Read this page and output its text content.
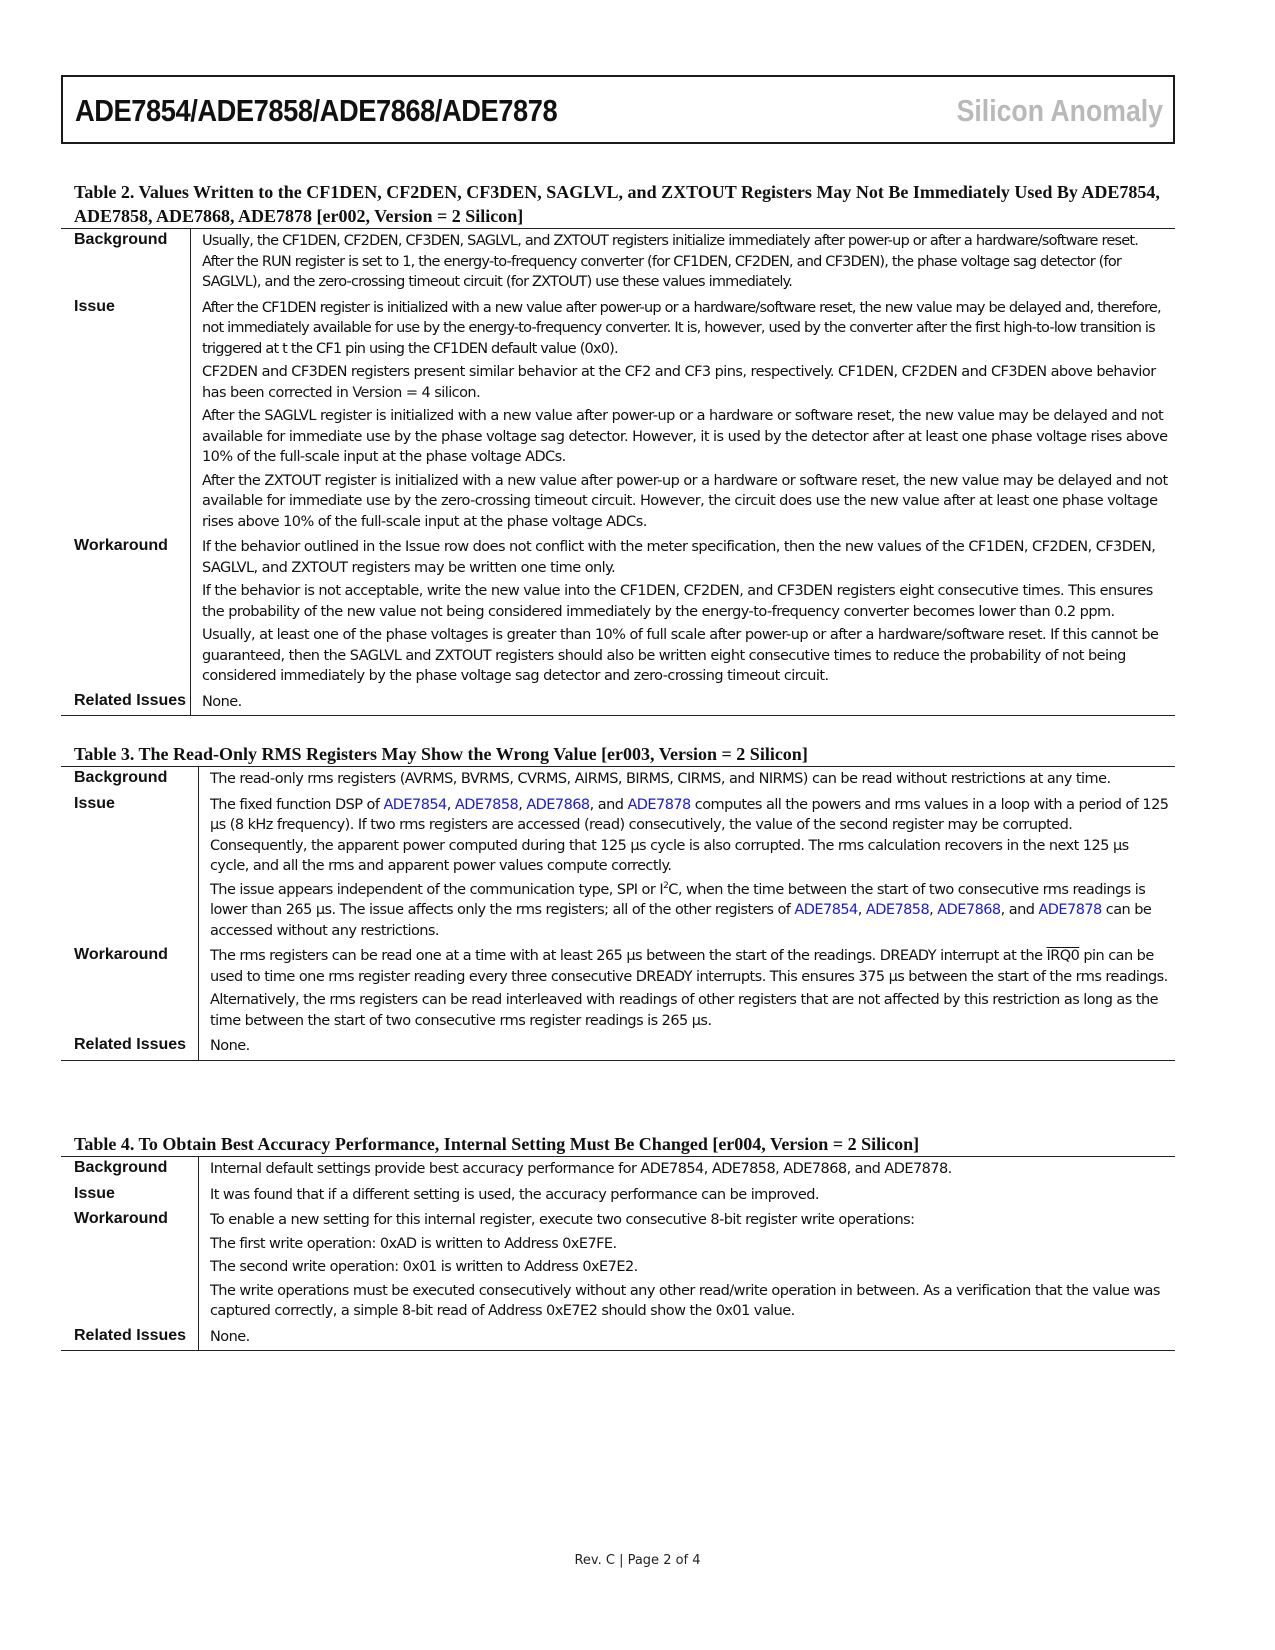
ADE7854/ADE7858/ADE7868/ADE7878	Silicon Anomaly
Table 2. Values Written to the CF1DEN, CF2DEN, CF3DEN, SAGLVL, and ZXTOUT Registers May Not Be Immediately Used By ADE7854, ADE7858, ADE7868, ADE7878 [er002, Version = 2 Silicon]
Background	Usually, the CF1DEN, CF2DEN, CF3DEN, SAGLVL, and ZXTOUT registers initialize immediately after power-up or after a hardware/software reset. After the RUN register is set to 1, the energy-to-frequency converter (for CF1DEN, CF2DEN, and CF3DEN), the phase voltage sag detector (for SAGLVL), and the zero-crossing timeout circuit (for ZXTOUT) use these values immediately.

Issue	After the CF1DEN register is initialized with a new value after power-up or a hardware/software reset, the new value may be delayed and, therefore, not immediately available for use by the energy-to-frequency converter. It is, however, used by the converter after the first high-to-low transition is triggered at t the CF1 pin using the CF1DEN default value (0x0).

CF2DEN and CF3DEN registers present similar behavior at the CF2 and CF3 pins, respectively. CF1DEN, CF2DEN and CF3DEN above behavior has been corrected in Version = 4 silicon.

After the SAGLVL register is initialized with a new value after power-up or a hardware or software reset, the new value may be delayed and not available for immediate use by the phase voltage sag detector. However, it is used by the detector after at least one phase voltage rises above 10% of the full-scale input at the phase voltage ADCs.

After the ZXTOUT register is initialized with a new value after power-up or a hardware or software reset, the new value may be delayed and not available for immediate use by the zero-crossing timeout circuit. However, the circuit does use the new value after at least one phase voltage rises above 10% of the full-scale input at the phase voltage ADCs.

Workaround	If the behavior outlined in the Issue row does not conflict with the meter specification, then the new values of the CF1DEN, CF2DEN, CF3DEN, SAGLVL, and ZXTOUT registers may be written one time only.

If the behavior is not acceptable, write the new value into the CF1DEN, CF2DEN, and CF3DEN registers eight consecutive times. This ensures the probability of the new value not being considered immediately by the energy-to-frequency converter becomes lower than 0.2 ppm.

Usually, at least one of the phase voltages is greater than 10% of full scale after power-up or after a hardware/software reset. If this cannot be guaranteed, then the SAGLVL and ZXTOUT registers should also be written eight consecutive times to reduce the probability of not being considered immediately by the phase voltage sag detector and zero-crossing timeout circuit.

Related Issues	None.

Table 3. The Read-Only RMS Registers May Show the Wrong Value [er003, Version = 2 Silicon]
Background	The read-only rms registers (AVRMS, BVRMS, CVRMS, AIRMS, BIRMS, CIRMS, and NIRMS) can be read without restrictions at any time.

Issue	The fixed function DSP of ADE7854, ADE7858, ADE7868, and ADE7878 computes all the powers and rms values in a loop with a period of 125 µs (8 kHz frequency). If two rms registers are accessed (read) consecutively, the value of the second register may be corrupted. Consequently, the apparent power computed during that 125 µs cycle is also corrupted. The rms calculation recovers in the next 125 µs cycle, and all the rms and apparent power values compute correctly.

The issue appears independent of the communication type, SPI or $I^2C$, when the time between the start of two consecutive rms readings is lower than 265 µs. The issue affects only the rms registers; all of the other registers of ADE7854, ADE7858, ADE7868, and ADE7878 can be accessed without any restrictions.

Workaround	The rms registers can be read one at a time with at least 265 µs between the start of the readings. DREADY interrupt at the IRQ0 pin can be used to time one rms register reading every three consecutive DREADY interrupts. This ensures 375 µs between the start of the rms readings.

Alternatively, the rms registers can be read interleaved with readings of other registers that are not affected by this restriction as long as the time between the start of two consecutive rms register readings is 265 µs.

Related Issues	None.

Table 4. To Obtain Best Accuracy Performance, Internal Setting Must Be Changed [er004, Version = 2 Silicon]
Background	Internal default settings provide best accuracy performance for ADE7854, ADE7858, ADE7868, and ADE7878.

Issue	It was found that if a different setting is used, the accuracy performance can be improved.

Workaround	To enable a new setting for this internal register, execute two consecutive 8-bit register write operations:

The first write operation: 0xAD is written to Address 0xE7FE.

The second write operation: 0x01 is written to Address 0xE7E2.

The write operations must be executed consecutively without any other read/write operation in between. As a verification that the value was captured correctly, a simple 8-bit read of Address 0xE7E2 should show the 0x01 value.

Related Issues	None.

Rev. C | Page 2 of 4
